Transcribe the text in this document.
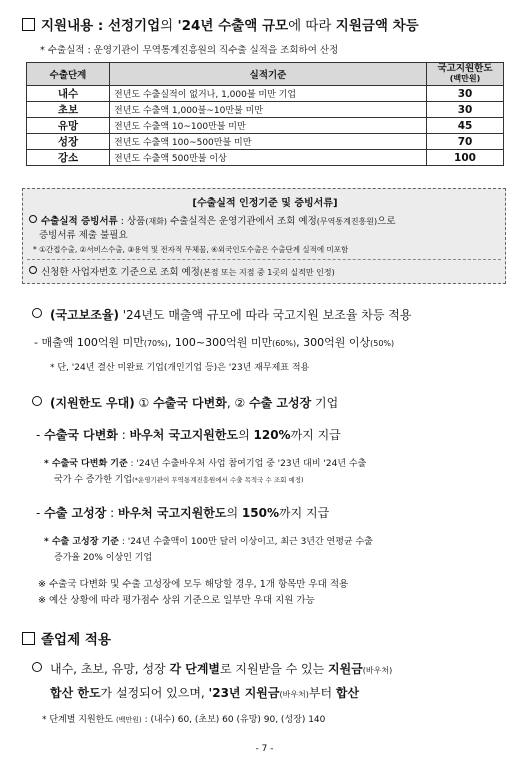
지원내용 : 선정기업의 '24년 수출액 규모에 따라 지원금액 차등
* 수출실적 : 운영기관이 무역통계진흥원의 직수출 실적을 조회하여 산정
수출단계	실적기준	국고지원한도
(백만원)
내수	전년도 수출실적이 없거나, 1,000불 미만 기업	30
초보	전년도 수출액 1,000불~10만불 미만	30
유망	전년도 수출액 10~100만불 미만	45
성장	전년도 수출액 100~500만불 미만	70
강소	전년도 수출액 500만불 이상	100
[수출실적 인정기준 및 증빙서류]
수출실적 증빙서류 : 상품(재화) 수출실적은 운영기관에서 조회 예정(무역통계진흥원)으로
증빙서류 제출 불필요
* ①간접수출, ②서비스수출, ③용역 및 전자적 무체물, ④외국인도수출은 수출단계 실적에 미포함
신청한 사업자번호 기준으로 조회 예정(본점 또는 지점 중 1곳의 실적만 인정)
(국고보조율) '24년도 매출액 규모에 따라 국고지원 보조율 차등 적용
- 매출액 100억원 미만(70%), 100~300억원 미만(60%), 300억원 이상(50%)
* 단, '24년 결산 미완료 기업(개인기업 등)은 '23년 재무제표 적용
(지원한도 우대) ① 수출국 다변화, ② 수출 고성장 기업
- 수출국 다변화 : 바우처 국고지원한도의 120%까지 지급
* 수출국 다변화 기준 : '24년 수출바우처 사업 참여기업 중 '23년 대비 '24년 수출
국가 수 증가한 기업(*운영기관이 무역통계진흥원에서 수출 목적국 수 조회 예정)
- 수출 고성장 : 바우처 국고지원한도의 150%까지 지급
* 수출 고성장 기준 : '24년 수출액이 100만 달러 이상이고, 최근 3년간 연평균 수출
증가율 20% 이상인 기업
※ 수출국 다변화 및 수출 고성장에 모두 해당할 경우, 1개 항목만 우대 적용
※ 예산 상황에 따라 평가점수 상위 기준으로 일부만 우대 지원 가능
졸업제 적용
내수, 초보, 유망, 성장 각 단계별로 지원받을 수 있는 지원금(바우처)
합산 한도가 설정되어 있으며, '23년 지원금(바우처)부터 합산
* 단계별 지원한도 (백만원) : (내수) 60, (초보) 60 (유망) 90, (성장) 140
- 7 -
